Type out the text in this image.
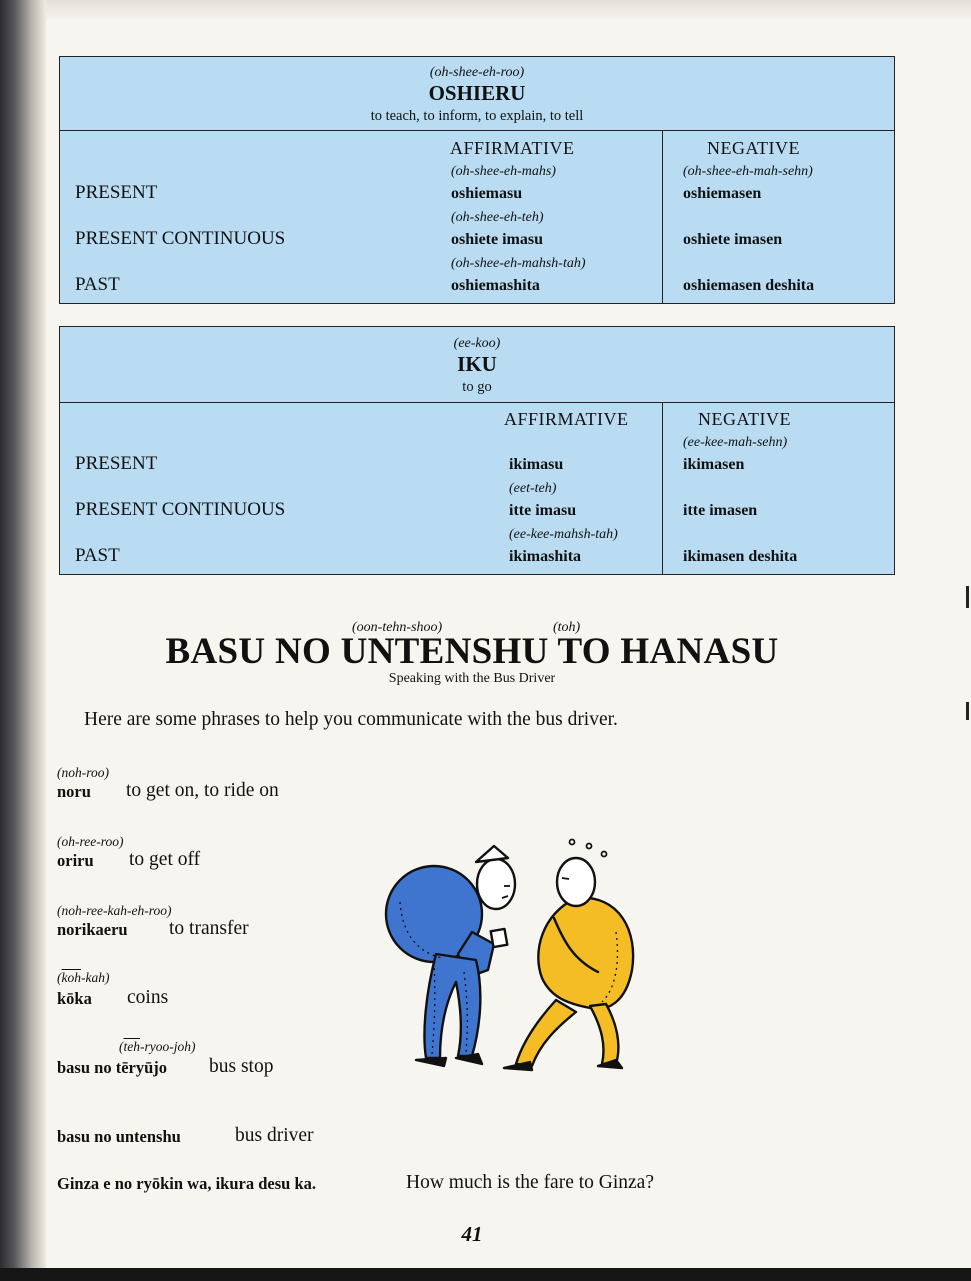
(oh-shee-eh-roo)
OSHIERU
to teach, to inform, to explain, to tell
AFFIRMATIVE	NEGATIVE
(oh-shee-eh-mahs)	(oh-shee-eh-mah-sehn)
PRESENT	oshiemasu	oshiemasen
(oh-shee-eh-teh)
PRESENT CONTINUOUS	oshiete imasu	oshiete imasen
(oh-shee-eh-mahsh-tah)
PAST	oshiemashita	oshiemasen deshita
(ee-koo)
IKU
to go
AFFIRMATIVE	NEGATIVE
(ee-kee-mah-sehn)
PRESENT	ikimasu	ikimasen
(eet-teh)
PRESENT CONTINUOUS	itte imasu	itte imasen
(ee-kee-mahsh-tah)
PAST	ikimashita	ikimasen deshita
(oon-tehn-shoo)	(toh)
BASU NO UNTENSHU TO HANASU
Speaking with the Bus Driver
Here are some phrases to help you communicate with the bus driver.
(noh-roo)
noru to get on, to ride on
(oh-ree-roo)
oriru to get off
(noh-ree-kah-eh-roo)
norikaeru to transfer
$(\overline{koh}-kah)$
kōka coins
$(\overline{teh}-ryoo-joh)$
basu no tēryūjo bus stop
basu no untenshu	bus driver
Ginza e no ryōkin wa, ikura desu ka.	How much is the fare to Ginza?
41
